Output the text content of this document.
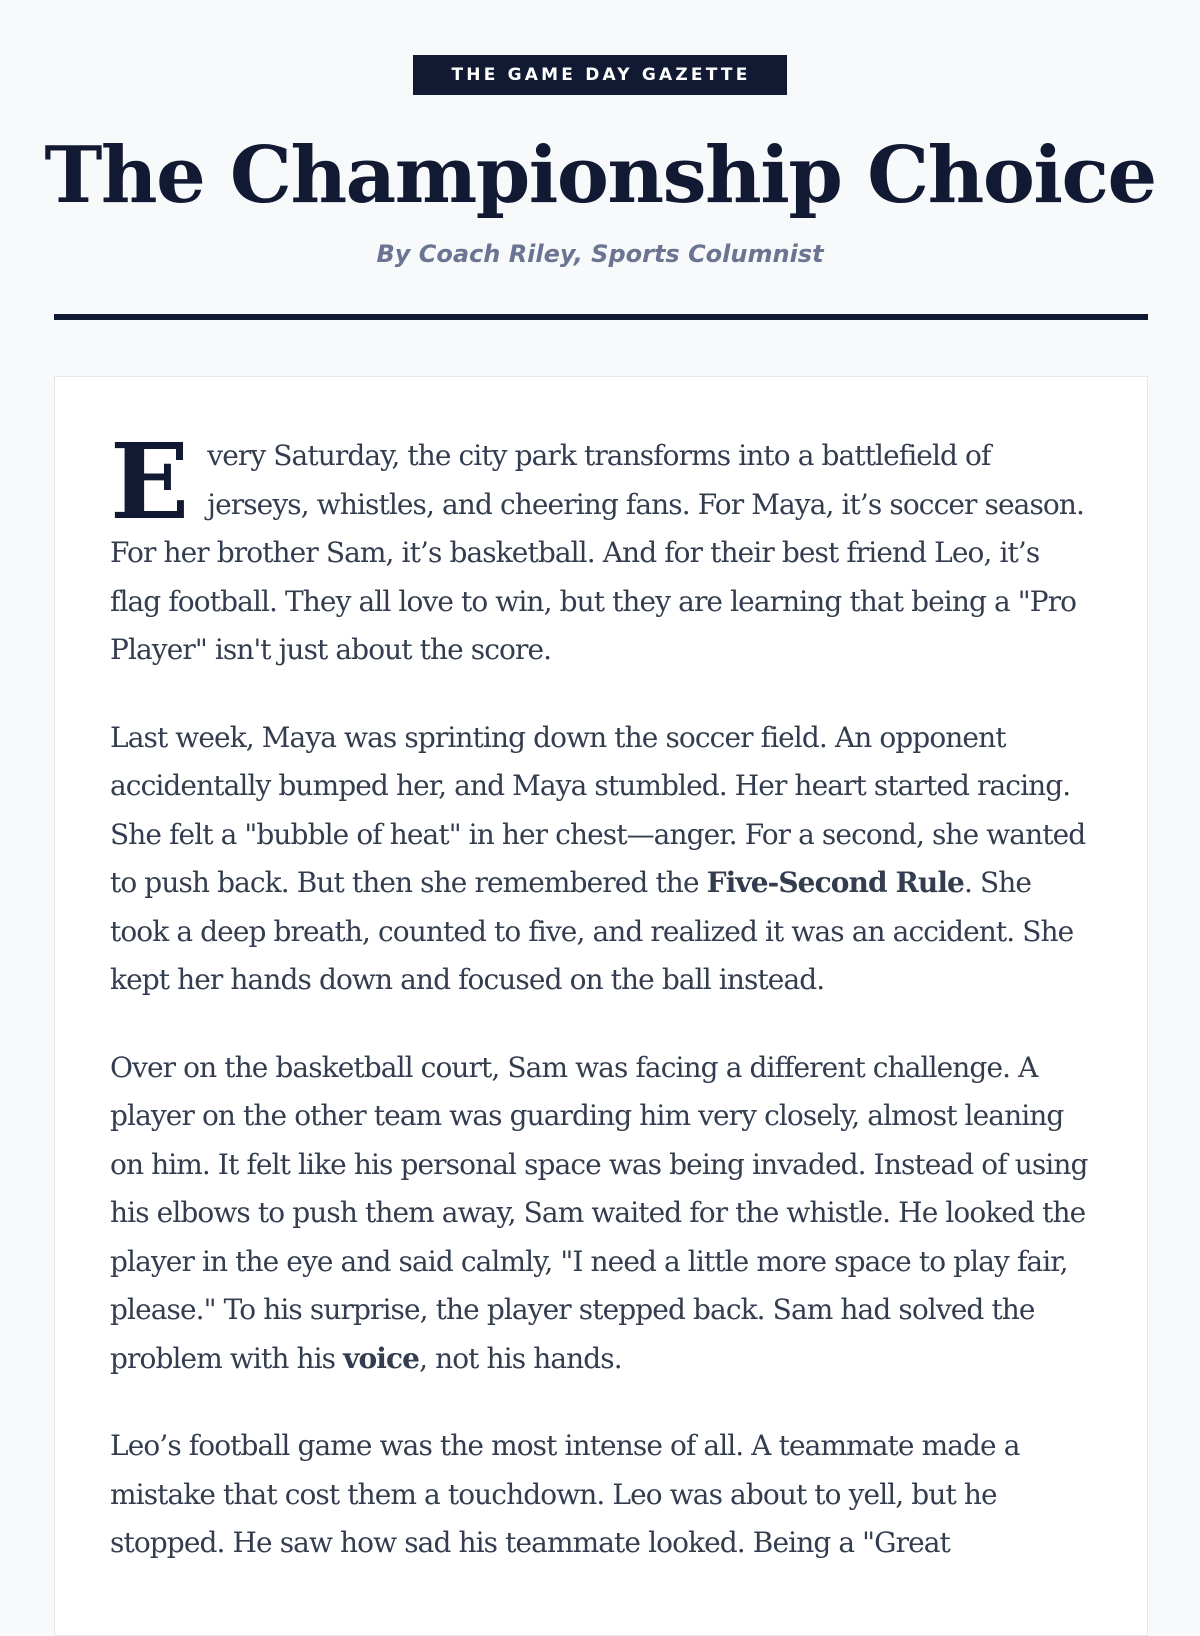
THE GAME DAY GAZETTE
The Championship Choice
By Coach Riley, Sports Columnist

Every Saturday, the city park transforms into a battlefield of jerseys, whistles, and cheering fans. For Maya, it’s soccer season. For her brother Sam, it’s basketball. And for their best friend Leo, it’s flag football. They all love to win, but they are learning that being a "Pro Player" isn't just about the score.

Last week, Maya was sprinting down the soccer field. An opponent accidentally bumped her, and Maya stumbled. Her heart started racing. She felt a "bubble of heat" in her chest—anger. For a second, she wanted to push back. But then she remembered the Five-Second Rule. She took a deep breath, counted to five, and realized it was an accident. She kept her hands down and focused on the ball instead.

Over on the basketball court, Sam was facing a different challenge. A player on the other team was guarding him very closely, almost leaning on him. It felt like his personal space was being invaded. Instead of using his elbows to push them away, Sam waited for the whistle. He looked the player in the eye and said calmly, "I need a little more space to play fair, please." To his surprise, the player stepped back. Sam had solved the problem with his voice, not his hands.

Leo’s football game was the most intense of all. A teammate made a mistake that cost them a touchdown. Leo was about to yell, but he stopped. He saw how sad his teammate looked. Being a "Great
